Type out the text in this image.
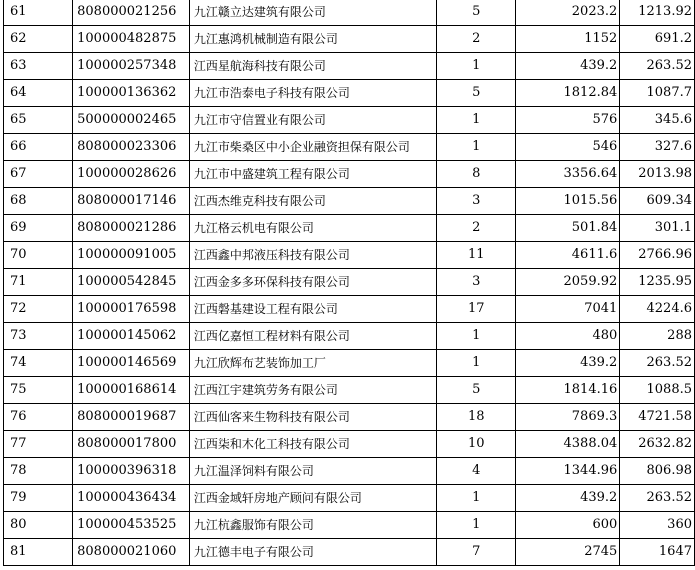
61	808000021256	九江赣立达建筑有限公司	5	2023.2	1213.92
62	100000482875	九江惠鸿机械制造有限公司	2	1152	691.2
63	100000257348	江西星航海科技有限公司	1	439.2	263.52
64	100000136362	九江市浩泰电子科技有限公司	5	1812.84	1087.7
65	500000002465	九江市守信置业有限公司	1	576	345.6
66	808000023306	九江市柴桑区中小企业融资担保有限公司	1	546	327.6
67	100000028626	九江市中盛建筑工程有限公司	8	3356.64	2013.98
68	808000017146	江西杰维克科技有限公司	3	1015.56	609.34
69	808000021286	九江格云机电有限公司	2	501.84	301.1
70	100000091005	江西鑫中邦液压科技有限公司	11	4611.6	2766.96
71	100000542845	江西金多多环保科技有限公司	3	2059.92	1235.95
72	100000176598	江西磐基建设工程有限公司	17	7041	4224.6
73	100000145062	江西亿嘉恒工程材料有限公司	1	480	288
74	100000146569	九江欣辉布艺装饰加工厂	1	439.2	263.52
75	100000168614	江西江宇建筑劳务有限公司	5	1814.16	1088.5
76	808000019687	江西仙客来生物科技有限公司	18	7869.3	4721.58
77	808000017800	江西柒和木化工科技有限公司	10	4388.04	2632.82
78	100000396318	九江温泽饲料有限公司	4	1344.96	806.98
79	100000436434	江西金域轩房地产顾问有限公司	1	439.2	263.52
80	100000453525	九江杭鑫服饰有限公司	1	600	360
81	808000021060	九江德丰电子有限公司	7	2745	1647
